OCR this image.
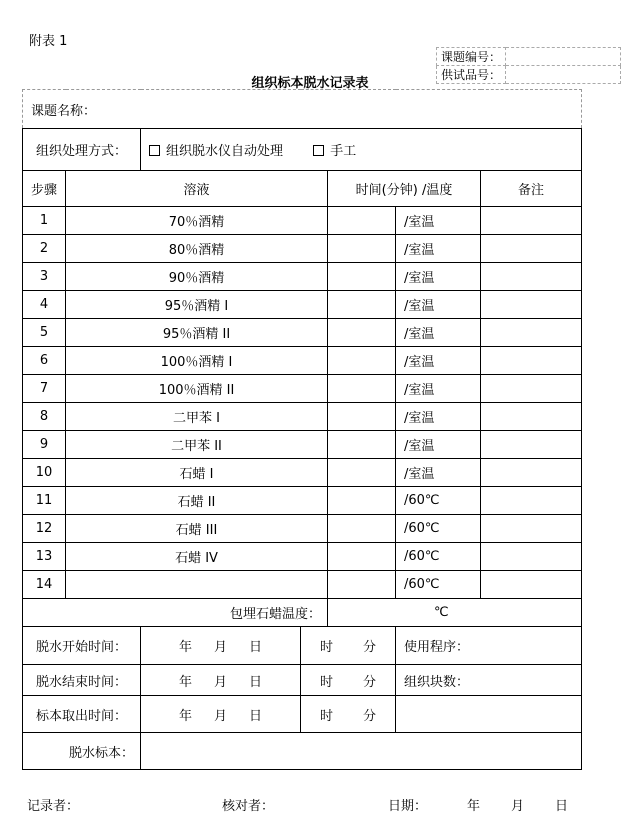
附表 1
课题编号：	
供试品号：	
组织标本脱水记录表
课题名称：						
组织处理方式：		组织脱水仪自动处理 手工				
步骤	溶液			时间(分钟) /温度		备注
1	70％酒精				/室温	
2	80％酒精				/室温	
3	90％酒精				/室温	
4	95％酒精 I				/室温	
5	95％酒精 II				/室温	
6	100％酒精 I				/室温	
7	100％酒精 II				/室温	
8	二甲苯 I				/室温	
9	二甲苯 II				/室温	
10	石蜡 I				/室温	
11	石蜡 II				/60℃	
12	石蜡 III				/60℃	
13	石蜡 IV				/60℃	
14					/60℃	
包埋石蜡温度：				℃		
脱水开始时间：		年 月 日	时 分		使用程序：	
脱水结束时间：		年 月 日	时 分		组织块数：	
标本取出时间：		年 月 日	时 分			
脱水标本：						
记录者：	核对者：	日期：	年 月 日
